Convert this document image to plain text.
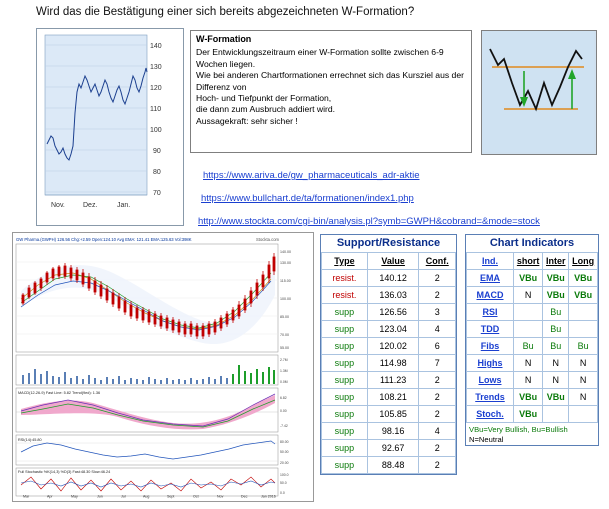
Wird das die Bestätigung einer sich bereits abgezeichneten W-Formation?
140
130
120
110
100
90
80
70
Nov.	Dez.	Jan.
W-Formation
Der Entwicklungszeitraum einer W-Formation sollte zwischen 6-9 Wochen liegen.
Wie bei anderen Chartformationen errechnet sich das Kursziel aus der Differenz von
Hoch- und Tiefpunkt der Formation,
die dann zum Ausbruch addiert wird.
Aussagekraft: sehr sicher !
https://www.ariva.de/gw_pharmaceuticals_adr-aktie
https://www.bullchart.de/ta/formationen/index1.php
http://www.stockta.com/cgi-bin/analysis.pl?symb=GWPH&cobrand=&mode=stock
GW Pharma.(GWPH) 126.56 Chg:+2.59 Open:124.10 Avg EMA: 121.41 EMA:125.63 Vol:398K	Stockta.com
140.00
130.00
115.00
100.00
85.00
70.00
55.00
2.7M
1.3M
0.0M
MACD(12-26-9) Fast Line: 5.82 Trend(9ed): 1.36
6.82
0.00
-7.42
RSI(14):45.80	80.00
50.00
20.00
Full Stochastic %K(14,3) %D(3) Fast:48.30 Slow:46.24
100.0
50.0
0.0
Mar	Apr	May	Jun	Jul	Aug	Sept	Oct	Nov	Dec	Jan 2016
Support/Resistance
Type	Value	Conf.
resist.	140.12	2
resist.	136.03	2
supp	126.56	3
supp	123.04	4
supp	120.02	6
supp	114.98	7
supp	111.23	2
supp	108.21	2
supp	105.85	2
supp	98.16	4
supp	92.67	2
supp	88.48	2
Chart Indicators
Ind.	short	Inter	Long
EMA	VBu	VBu	VBu
MACD	N	VBu	VBu
RSI		Bu	
TDD		Bu	
Fibs	Bu	Bu	Bu
Highs	N	N	N
Lows	N	N	N
Trends	VBu	VBu	N
Stoch.	VBu		
VBu=Very Bullish, Bu=Bullish
N=Neutral
